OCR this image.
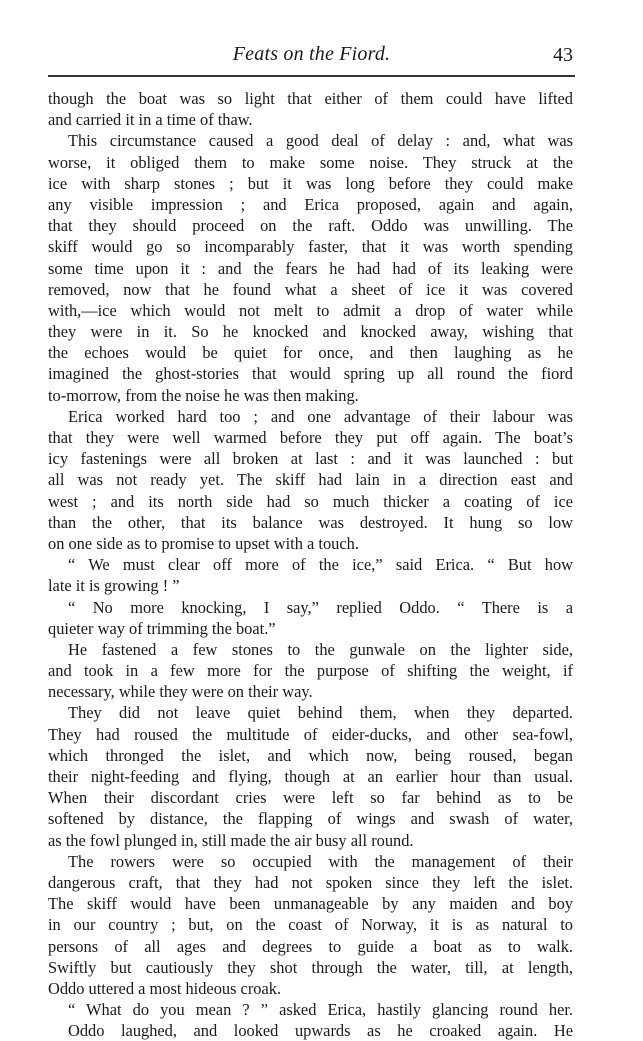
Feats on the Fiord.	43
though the boat was so light that either of them could have lifted
and carried it in a time of thaw.
This circumstance caused a good deal of delay : and, what was
worse, it obliged them to make some noise. They struck at the
ice with sharp stones ; but it was long before they could make
any visible impression ; and Erica proposed, again and again,
that they should proceed on the raft. Oddo was unwilling. The
skiff would go so incomparably faster, that it was worth spending
some time upon it : and the fears he had had of its leaking were
removed, now that he found what a sheet of ice it was covered
with,—ice which would not melt to admit a drop of water while
they were in it. So he knocked and knocked away, wishing that
the echoes would be quiet for once, and then laughing as he
imagined the ghost-stories that would spring up all round the fiord
to-morrow, from the noise he was then making.
Erica worked hard too ; and one advantage of their labour was
that they were well warmed before they put off again. The boat’s
icy fastenings were all broken at last : and it was launched : but
all was not ready yet. The skiff had lain in a direction east and
west ; and its north side had so much thicker a coating of ice
than the other, that its balance was destroyed. It hung so low
on one side as to promise to upset with a touch.
“ We must clear off more of the ice,” said Erica. “ But how
late it is growing ! ”
“ No more knocking, I say,” replied Oddo. “ There is a
quieter way of trimming the boat.”
He fastened a few stones to the gunwale on the lighter side,
and took in a few more for the purpose of shifting the weight, if
necessary, while they were on their way.
They did not leave quiet behind them, when they departed.
They had roused the multitude of eider-ducks, and other sea-fowl,
which thronged the islet, and which now, being roused, began
their night-feeding and flying, though at an earlier hour than usual.
When their discordant cries were left so far behind as to be
softened by distance, the flapping of wings and swash of water,
as the fowl plunged in, still made the air busy all round.
The rowers were so occupied with the management of their
dangerous craft, that they had not spoken since they left the islet.
The skiff would have been unmanageable by any maiden and boy
in our country ; but, on the coast of Norway, it is as natural to
persons of all ages and degrees to guide a boat as to walk.
Swiftly but cautiously they shot through the water, till, at length,
Oddo uttered a most hideous croak.
“ What do you mean ? ” asked Erica, hastily glancing round her.
Oddo laughed, and looked upwards as he croaked again. He
